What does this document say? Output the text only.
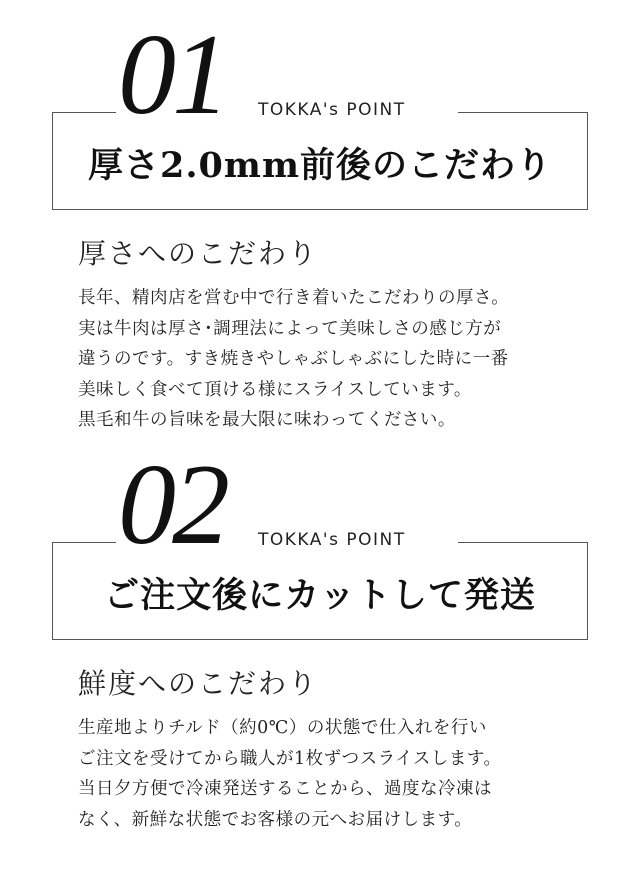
01 TOKKA's POINT
厚さ2.0mm前後のこだわり
厚さへのこだわり
長年、精肉店を営む中で行き着いたこだわりの厚さ。
実は牛肉は厚さ･調理法によって美味しさの感じ方が
違うのです。すき焼きやしゃぶしゃぶにした時に一番
美味しく食べて頂ける様にスライスしています。
黒毛和牛の旨味を最大限に味わってください。
02 TOKKA's POINT
ご注文後にカットして発送
鮮度へのこだわり
生産地よりチルド（約0℃）の状態で仕入れを行い
ご注文を受けてから職人が1枚ずつスライスします。
当日夕方便で冷凍発送することから、過度な冷凍は
なく、新鮮な状態でお客様の元へお届けします。
